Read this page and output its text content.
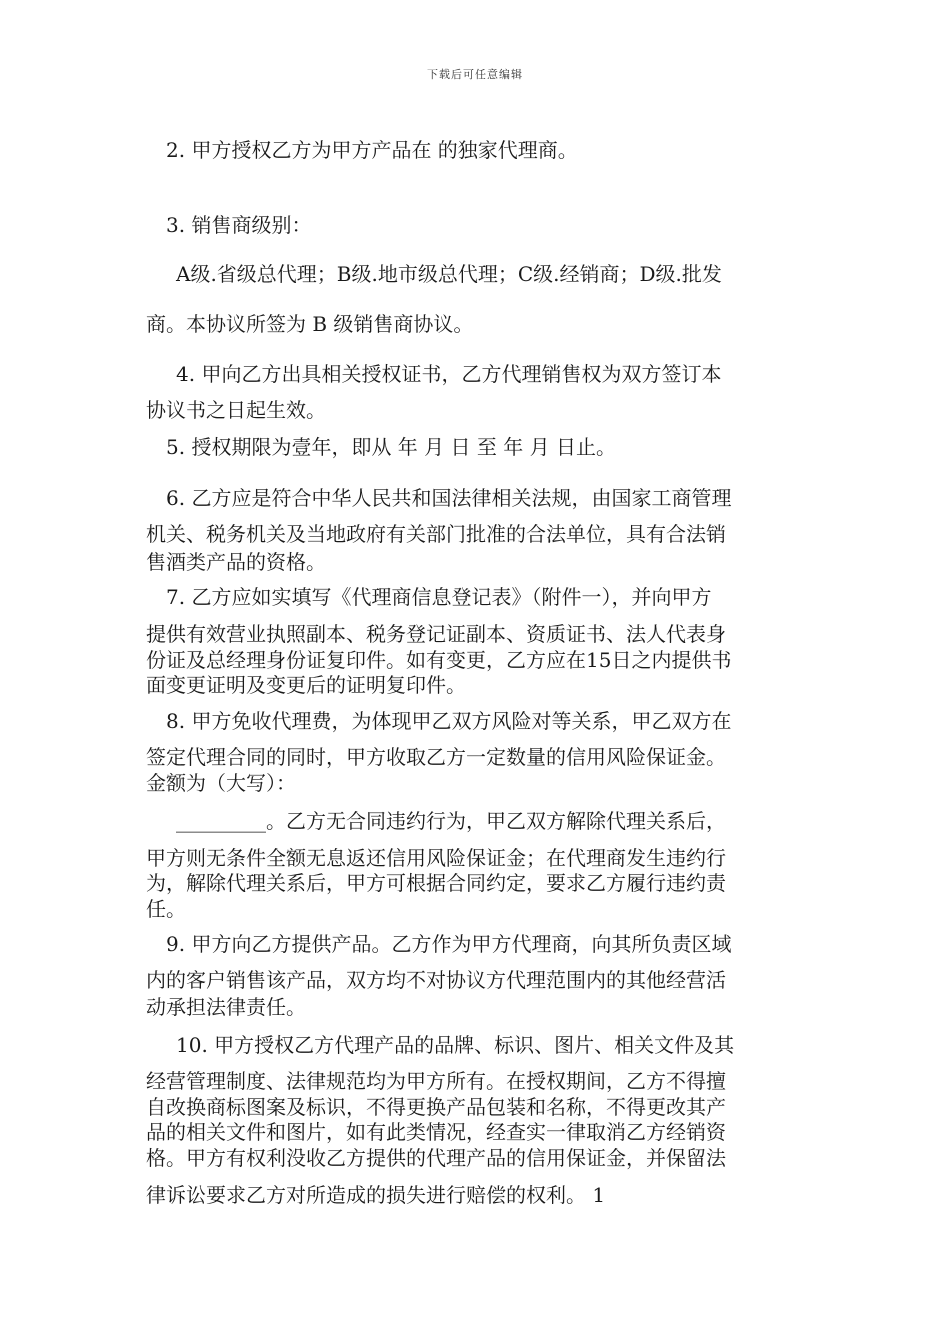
下载后可任意编辑
2. 甲方授权乙方为甲方产品在 的独家代理商。
3. 销售商级别：
A级.省级总代理；B级.地市级总代理；C级.经销商；D级.批发
商。本协议所签为 B 级销售商协议。
4. 甲向乙方出具相关授权证书，乙方代理销售权为双方签订本
协议书之日起生效。
5. 授权期限为壹年，即从 年 月 日 至 年 月 日止。
6. 乙方应是符合中华人民共和国法律相关法规，由国家工商管理
机关、税务机关及当地政府有关部门批准的合法单位，具有合法销
售酒类产品的资格。
7. 乙方应如实填写《代理商信息登记表》（附件一），并向甲方
提供有效营业执照副本、税务登记证副本、资质证书、法人代表身
份证及总经理身份证复印件。如有变更，乙方应在15日之内提供书
面变更证明及变更后的证明复印件。
8. 甲方免收代理费，为体现甲乙双方风险对等关系，甲乙双方在
签定代理合同的同时，甲方收取乙方一定数量的信用风险保证金。
金额为（大写）：
_________。乙方无合同违约行为，甲乙双方解除代理关系后，
甲方则无条件全额无息返还信用风险保证金；在代理商发生违约行
为，解除代理关系后，甲方可根据合同约定，要求乙方履行违约责
任。
9. 甲方向乙方提供产品。乙方作为甲方代理商，向其所负责区域
内的客户销售该产品，双方均不对协议方代理范围内的其他经营活
动承担法律责任。
10. 甲方授权乙方代理产品的品牌、标识、图片、相关文件及其
经营管理制度、法律规范均为甲方所有。在授权期间，乙方不得擅
自改换商标图案及标识，不得更换产品包装和名称，不得更改其产
品的相关文件和图片，如有此类情况，经查实一律取消乙方经销资
格。甲方有权利没收乙方提供的代理产品的信用保证金，并保留法
律诉讼要求乙方对所造成的损失进行赔偿的权利。 1
